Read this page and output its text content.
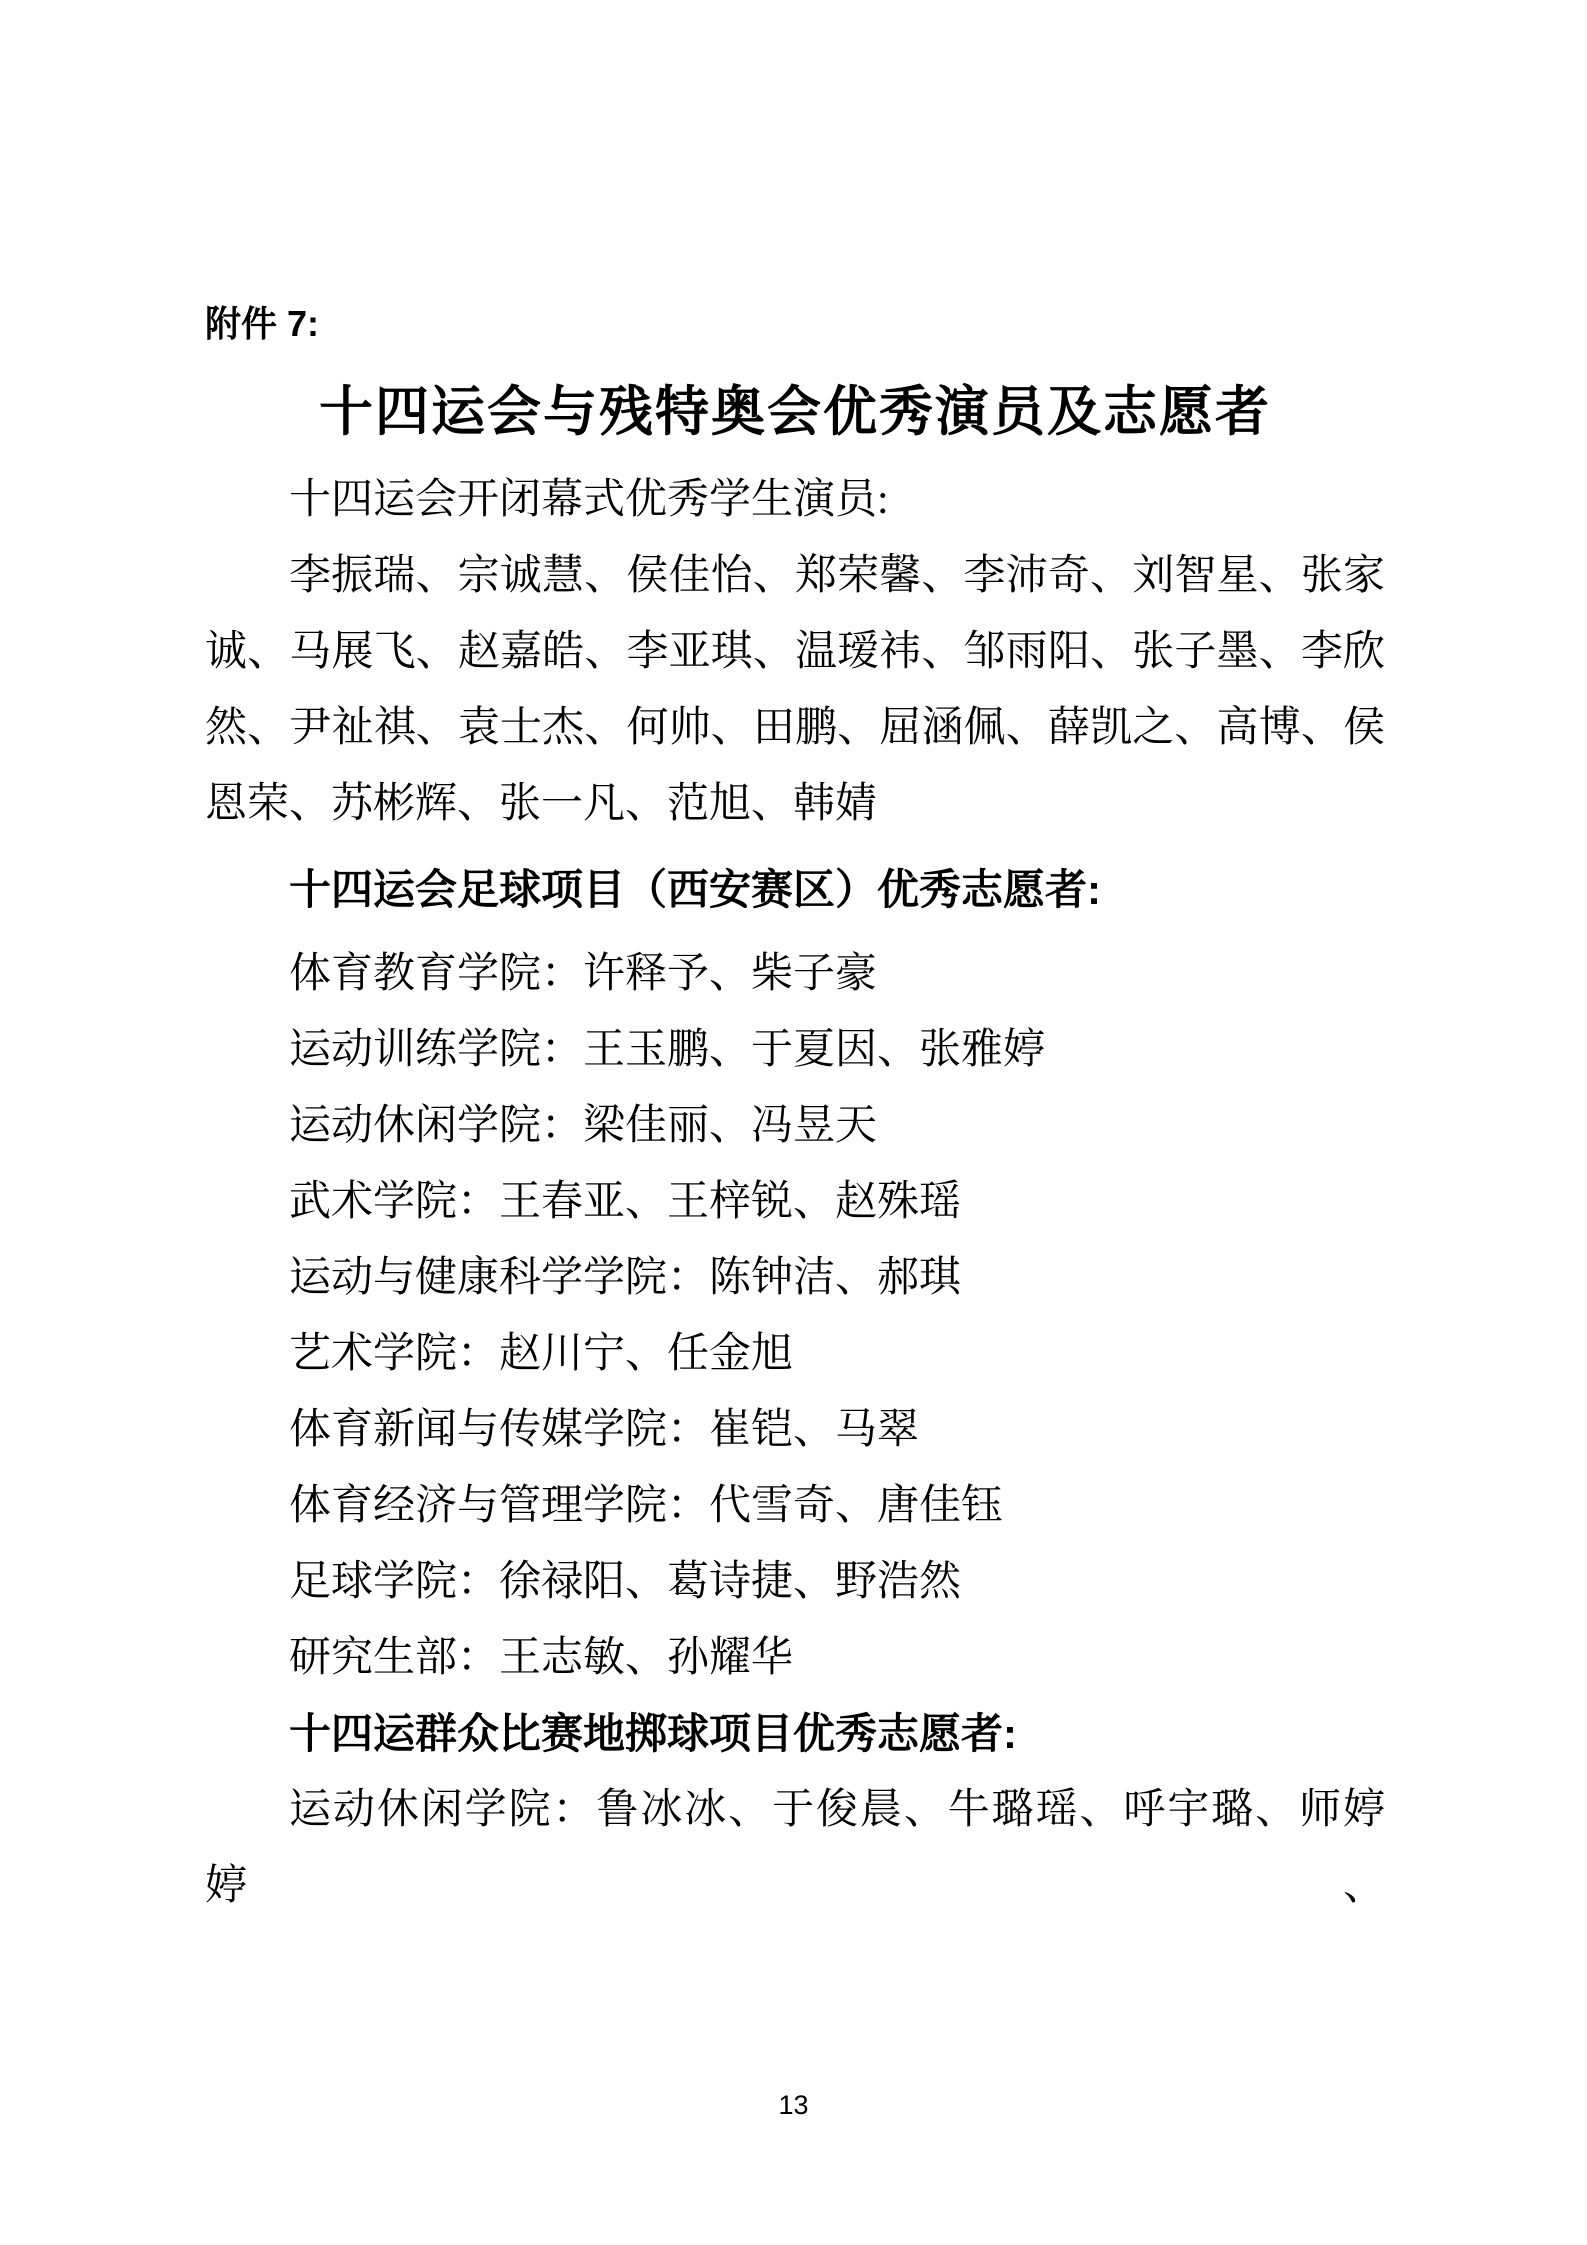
附件 7:

十四运会与残特奥会优秀演员及志愿者

十四运会开闭幕式优秀学生演员:

李振瑞、宗诚慧、侯佳怡、郑荣馨、李沛奇、刘智星、张家诚、马展飞、赵嘉皓、李亚琪、温瑷祎、邹雨阳、张子墨、李欣然、尹祉祺、袁士杰、何帅、田鹏、屈涵佩、薛凯之、高博、侯恩荣、苏彬辉、张一凡、范旭、韩婧

十四运会足球项目（西安赛区）优秀志愿者:

体育教育学院：许释予、柴子豪

运动训练学院：王玉鹏、于夏因、张雅婷

运动休闲学院：梁佳丽、冯昱天

武术学院：王春亚、王梓锐、赵殊瑶

运动与健康科学学院：陈钟洁、郝琪

艺术学院：赵川宁、任金旭

体育新闻与传媒学院：崔铠、马翠

体育经济与管理学院：代雪奇、唐佳钰

足球学院：徐禄阳、葛诗捷、野浩然

研究生部：王志敏、孙耀华

十四运群众比赛地掷球项目优秀志愿者:

运动休闲学院：鲁冰冰、于俊晨、牛璐瑶、呼宇璐、师婷婷、

13
